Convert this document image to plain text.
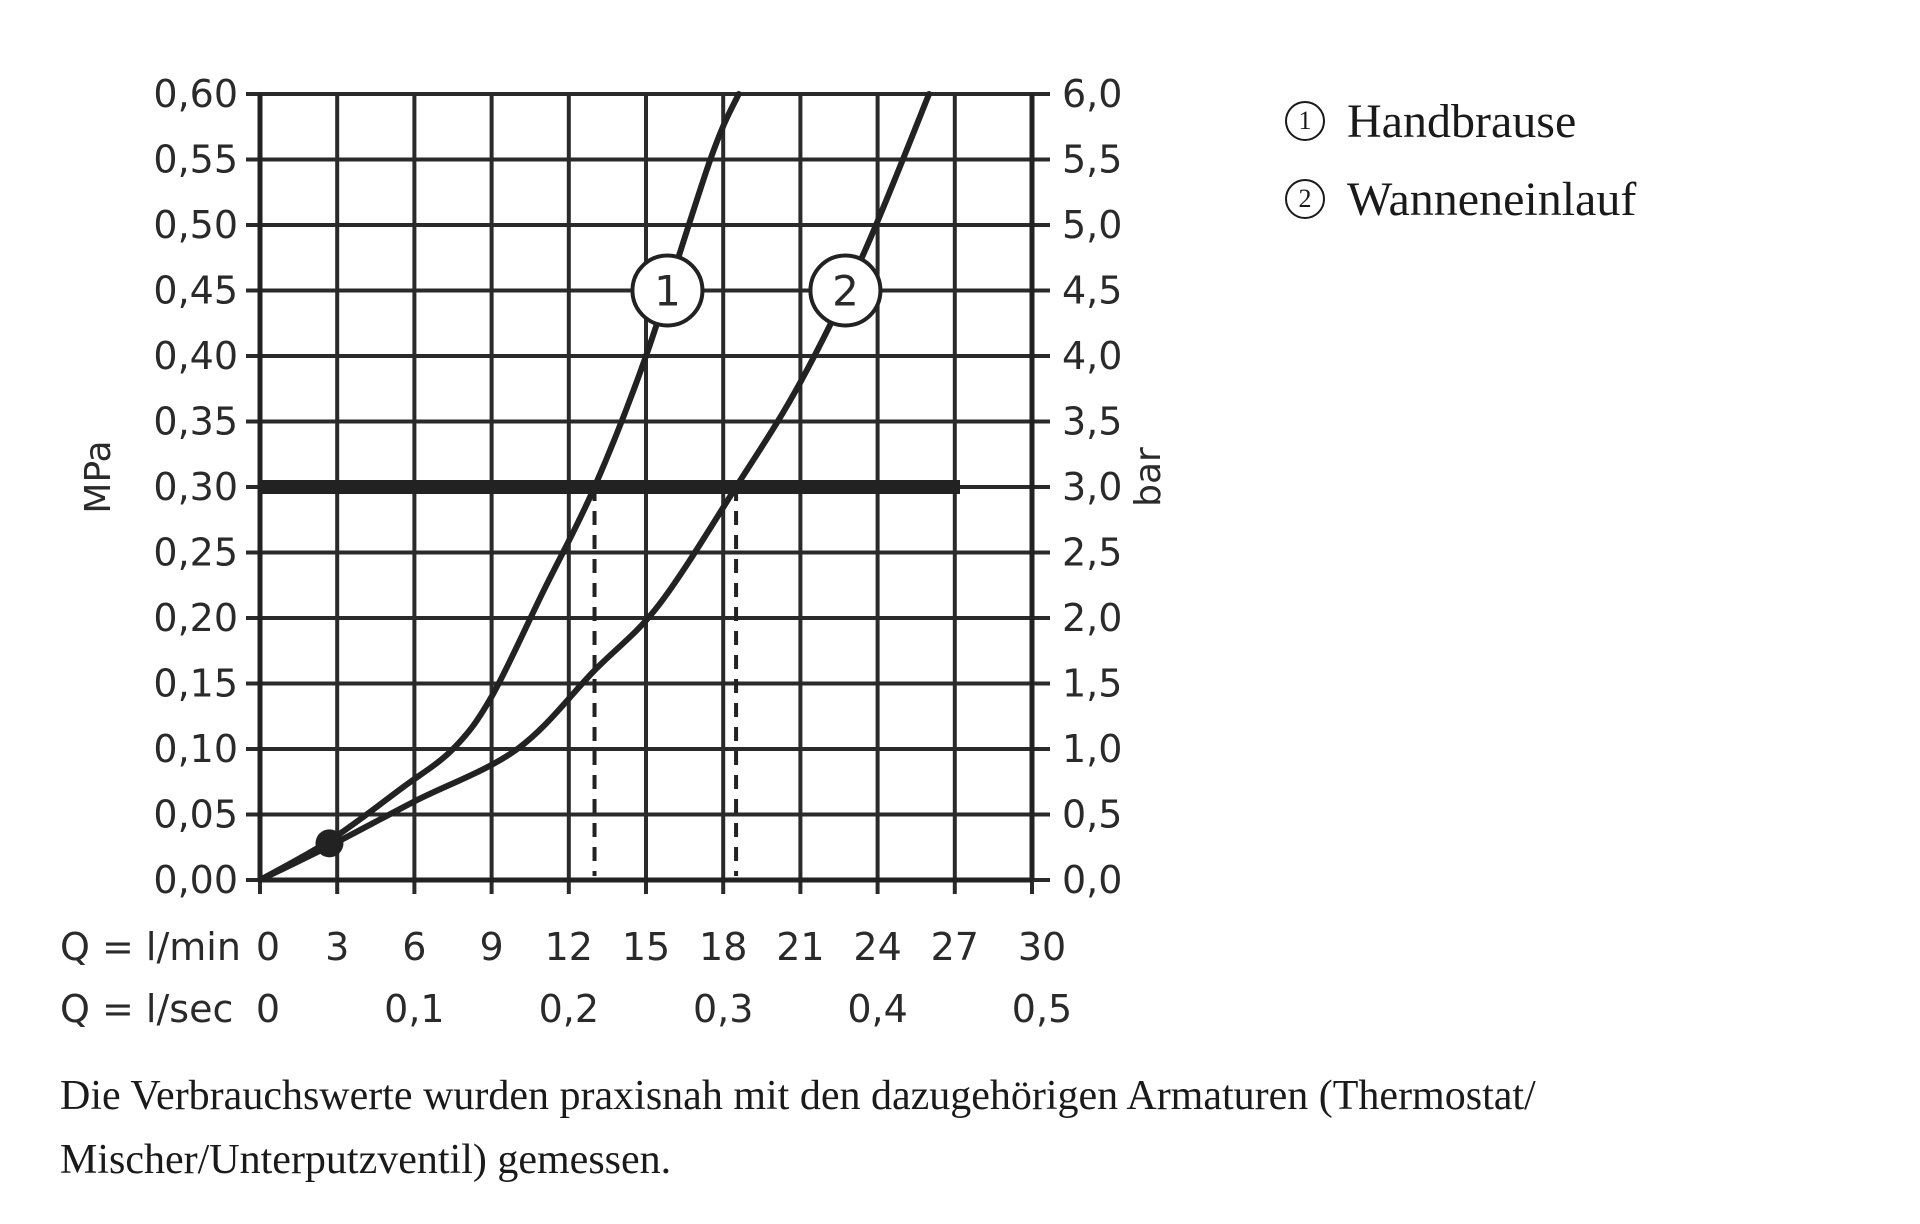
1	2
0,00
0,05
0,10
0,15
0,20
0,25
0,30
0,35
0,40
0,45
0,50
0,55
0,60
0,0
0,5
1,0
1,5
2,0
2,5
3,0
3,5
4,0
4,5
5,0
5,5
6,0
MPa	bar
Q = l/min
Q = l/sec
0 3 6 9 12 15 18 21 24 27 30
0	0,1 0,2 0,3 0,4	0,5
1 Handbrause
2 Wanneneinlauf

Die Verbrauchswerte wurden praxisnah mit den dazugehörigen Armaturen (Thermostat/ Mischer/Unterputzventil) gemessen.
